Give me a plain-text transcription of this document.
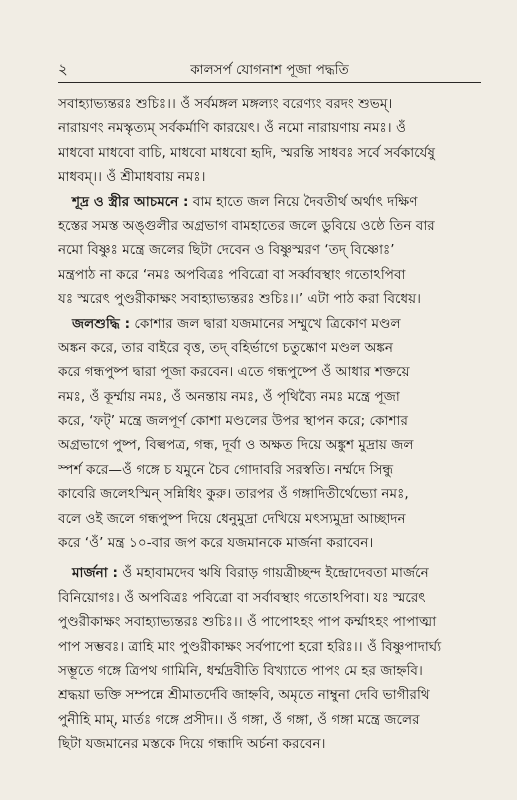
২	কালসর্প যোগনাশ পূজা পদ্ধতি
সবাহ্যাভ্যন্তরঃ শুচিঃ।। ওঁ সর্বমঙ্গল মঙ্গল্যং বরেণ্যং বরদং শুভম্।
নারায়ণং নমস্কৃত্যম্ সর্বকর্মাণি কারয়েৎ। ওঁ নমো নারায়ণায় নমঃ। ওঁ
মাধবো মাধবো বাচি, মাধবো মাধবো হৃদি, স্মরন্তি সাধবঃ সর্বে সর্বকার্যেষু
মাধবম্।। ওঁ শ্রীমাধবায় নমঃ।
শূদ্র ও স্ত্রীর আচমনে : বাম হাতে জল নিয়ে দৈবতীর্থ অর্থাৎ দক্ষিণ
হস্তের সমস্ত অঙ্গুলীর অগ্রভাগ বামহাতের জলে ডুবিয়ে ওষ্ঠে তিন বার
নমো বিষ্ণুঃ মন্ত্রে জলের ছিটা দেবেন ও বিষ্ণুস্মরণ ‘তদ্ বিষ্ণোঃ’
মন্ত্রপাঠ না করে ‘নমঃ অপবিত্রঃ পবিত্রো বা সর্ব্বাবস্থাং গতোঽপিবা
যঃ স্মরেৎ পুণ্ডরীকাক্ষং সবাহ্যাভ্যন্তরঃ শুচিঃ।।’ এটা পাঠ করা বিধেয়।
জলশুদ্ধি : কোশার জল দ্বারা যজমানের সম্মুখে ত্রিকোণ মণ্ডল
অঙ্কন করে, তার বাইরে বৃত্ত, তদ্ বহির্ভাগে চতুষ্কোণ মণ্ডল অঙ্কন
করে গন্ধপুষ্প দ্বারা পূজা করবেন। এতে গন্ধপুষ্পে ওঁ আধার শক্তয়ে
নমঃ, ওঁ কূর্ম্মায় নমঃ, ওঁ অনন্তায় নমঃ, ওঁ পৃথিব্যৈ নমঃ মন্ত্রে পূজা
করে, ‘ফট্’ মন্ত্রে জলপূর্ণ কোশা মণ্ডলের উপর স্থাপন করে; কোশার
অগ্রভাগে পুষ্প, বিল্বপত্র, গন্ধ, দূর্বা ও অক্ষত দিয়ে অঙ্কুশ মুদ্রায় জল
স্পর্শ করে—ওঁ গঙ্গে চ যমুনে চৈব গোদাবরি সরস্বতি। নর্ম্মদে সিন্ধু
কাবেরি জলেঽস্মিন্ সন্নিধিং কুরু। তারপর ওঁ গঙ্গাদিতীর্থেভ্যো নমঃ,
বলে ওই জলে গন্ধপুষ্প দিয়ে ধেনুমুদ্রা দেখিয়ে মৎস্যমুদ্রা আচ্ছাদন
করে ‘ওঁ’ মন্ত্র ১০-বার জপ করে যজমানকে মার্জনা করাবেন।
মার্জনা : ওঁ মহাবামদেব ঋষি বিরাড় গায়ত্রীচ্ছন্দ ইন্দ্রোদেবতা মার্জনে
বিনিয়োগঃ। ওঁ অপবিত্রঃ পবিত্রো বা সর্বাবস্থাং গতোঽপিবা। যঃ স্মরেৎ
পুণ্ডরীকাক্ষং সবাহ্যাভ্যন্তরঃ শুচিঃ।। ওঁ পাপোঽহং পাপ কর্ম্মাঽহং পাপাত্মা
পাপ সম্ভবঃ। ত্রাহি মাং পুণ্ডরীকাক্ষং সর্বপাপো হরো হরিঃ।। ওঁ বিষ্ণুপাদার্ঘ্য
সম্ভূতে গঙ্গে ত্রিপথ গামিনি, ধর্ম্মদ্রবীতি বিখ্যাতে পাপং মে হর জাহ্নবি।
শ্রদ্ধয়া ভক্তি সম্পন্নে শ্রীমাতর্দেবি জাহ্নবি, অমৃতে নাম্বুনা দেবি ভাগীরথি
পুনীহি মাম্, মার্তঃ গঙ্গে প্রসীদ।। ওঁ গঙ্গা, ওঁ গঙ্গা, ওঁ গঙ্গা মন্ত্রে জলের
ছিটা যজমানের মস্তকে দিয়ে গন্ধাদি অর্চনা করবেন।
